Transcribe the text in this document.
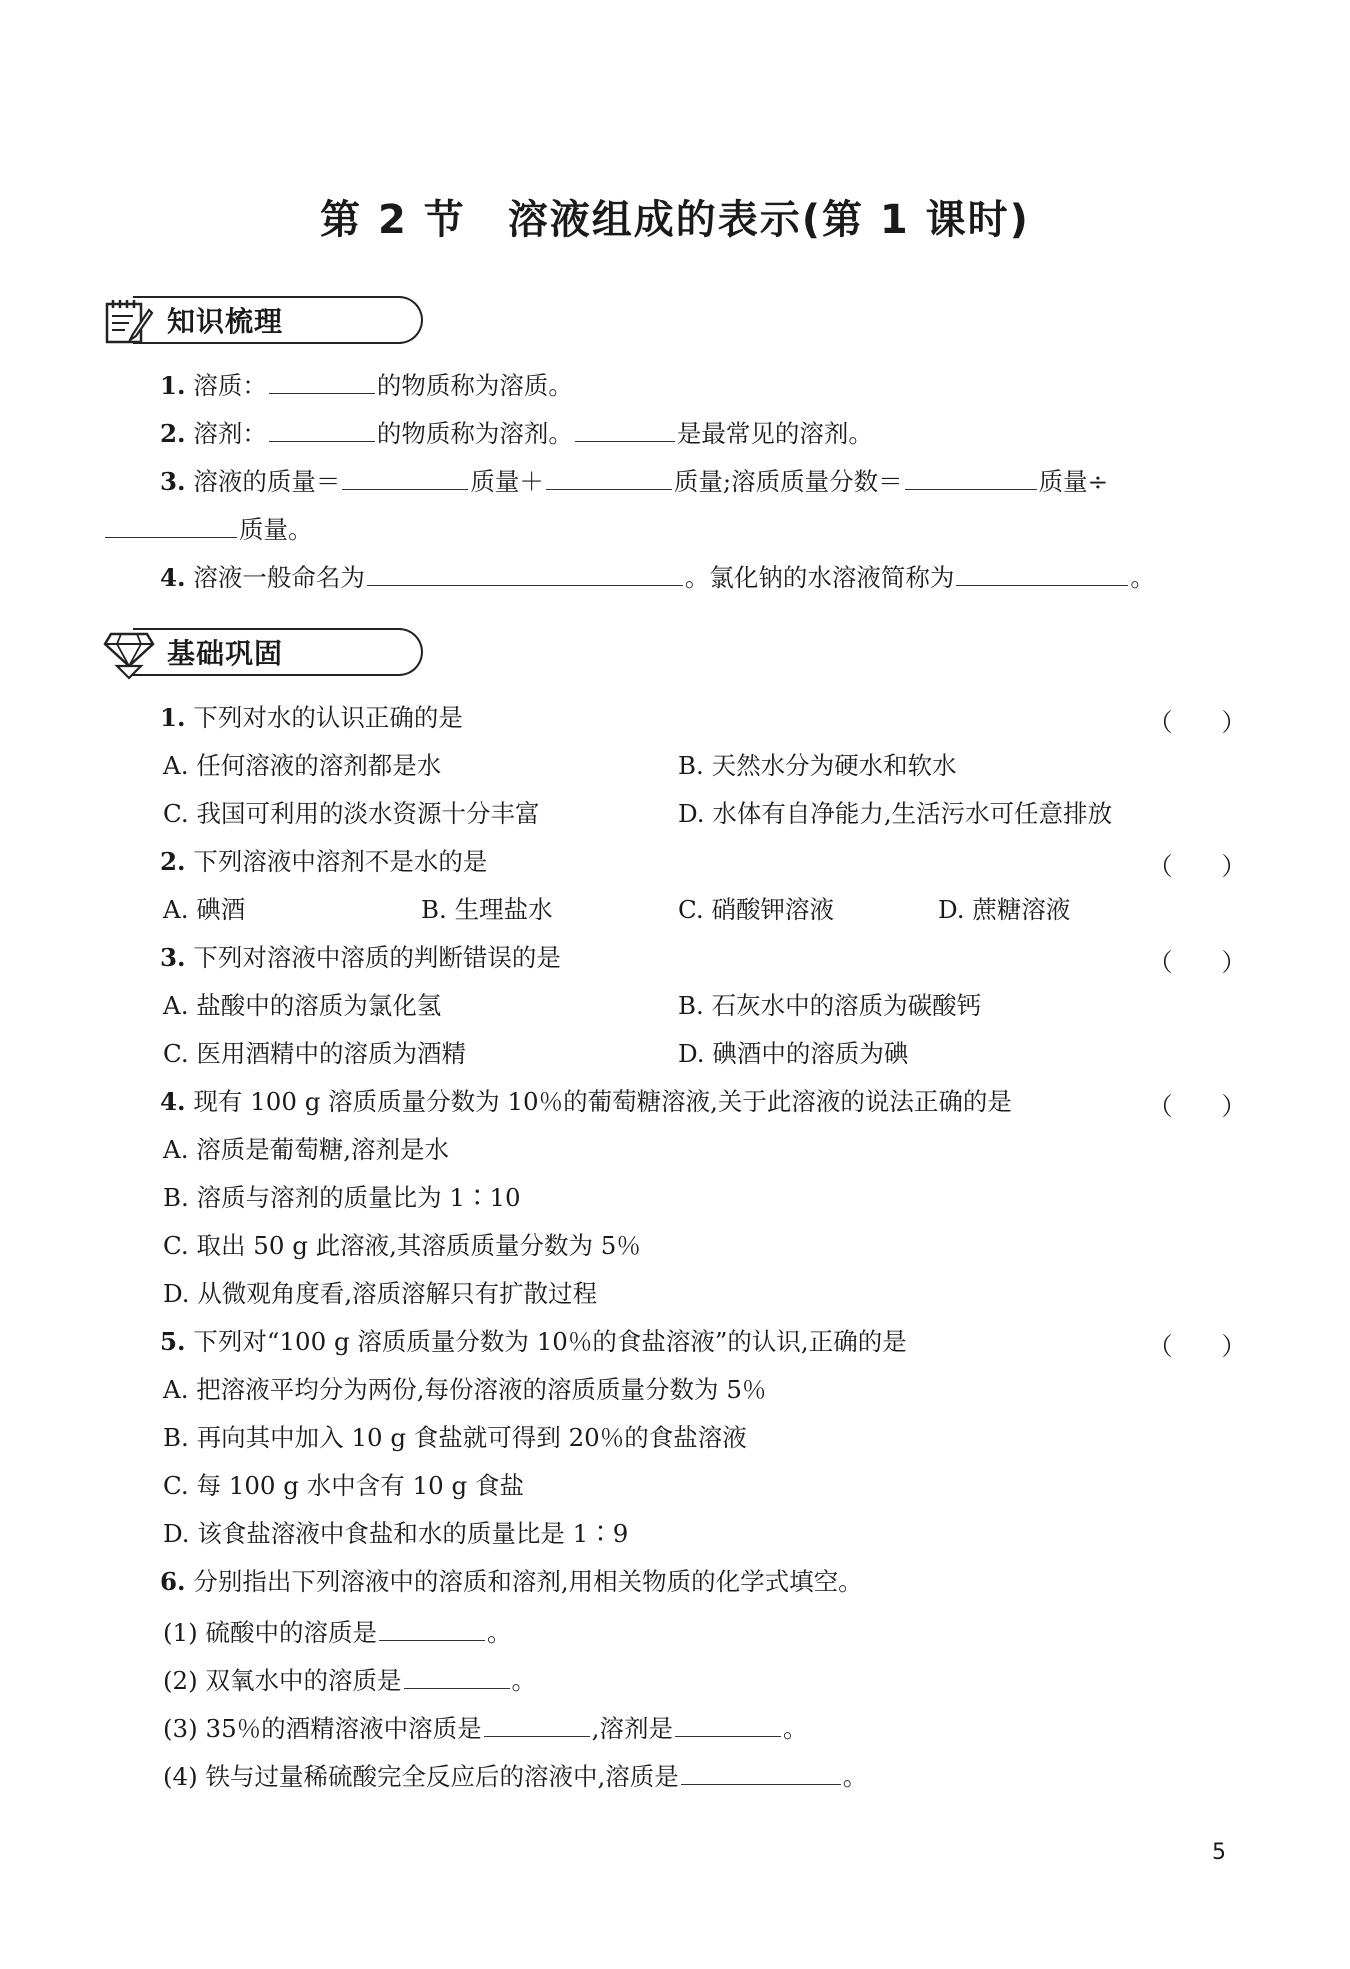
第 2 节　溶液组成的表示(第 1 课时)
知识梳理
1. 溶质：	的物质称为溶质。
2. 溶剂：	的物质称为溶剂。	是最常见的溶剂。
3. 溶液的质量＝	质量＋	质量;溶质质量分数＝	质量÷
质量。
4. 溶液一般命名为	。氯化钠的水溶液简称为	。
基础巩固
1. 下列对水的认识正确的是	（　　）
A. 任何溶液的溶剂都是水	B. 天然水分为硬水和软水
C. 我国可利用的淡水资源十分丰富	D. 水体有自净能力,生活污水可任意排放
2. 下列溶液中溶剂不是水的是	（　　）
A. 碘酒	B. 生理盐水	C. 硝酸钾溶液	D. 蔗糖溶液
3. 下列对溶液中溶质的判断错误的是	（　　）
A. 盐酸中的溶质为氯化氢	B. 石灰水中的溶质为碳酸钙
C. 医用酒精中的溶质为酒精	D. 碘酒中的溶质为碘
4. 现有 100 g 溶质质量分数为 10％的葡萄糖溶液,关于此溶液的说法正确的是	（　　）
A. 溶质是葡萄糖,溶剂是水
B. 溶质与溶剂的质量比为 1∶10
C. 取出 50 g 此溶液,其溶质质量分数为 5％
D. 从微观角度看,溶质溶解只有扩散过程
5. 下列对“100 g 溶质质量分数为 10％的食盐溶液”的认识,正确的是	（　　）
A. 把溶液平均分为两份,每份溶液的溶质质量分数为 5％
B. 再向其中加入 10 g 食盐就可得到 20％的食盐溶液
C. 每 100 g 水中含有 10 g 食盐
D. 该食盐溶液中食盐和水的质量比是 1∶9
6. 分别指出下列溶液中的溶质和溶剂,用相关物质的化学式填空。
(1) 硫酸中的溶质是	。
(2) 双氧水中的溶质是	。
(3) 35％的酒精溶液中溶质是	,溶剂是	。
(4) 铁与过量稀硫酸完全反应后的溶液中,溶质是	。
5
